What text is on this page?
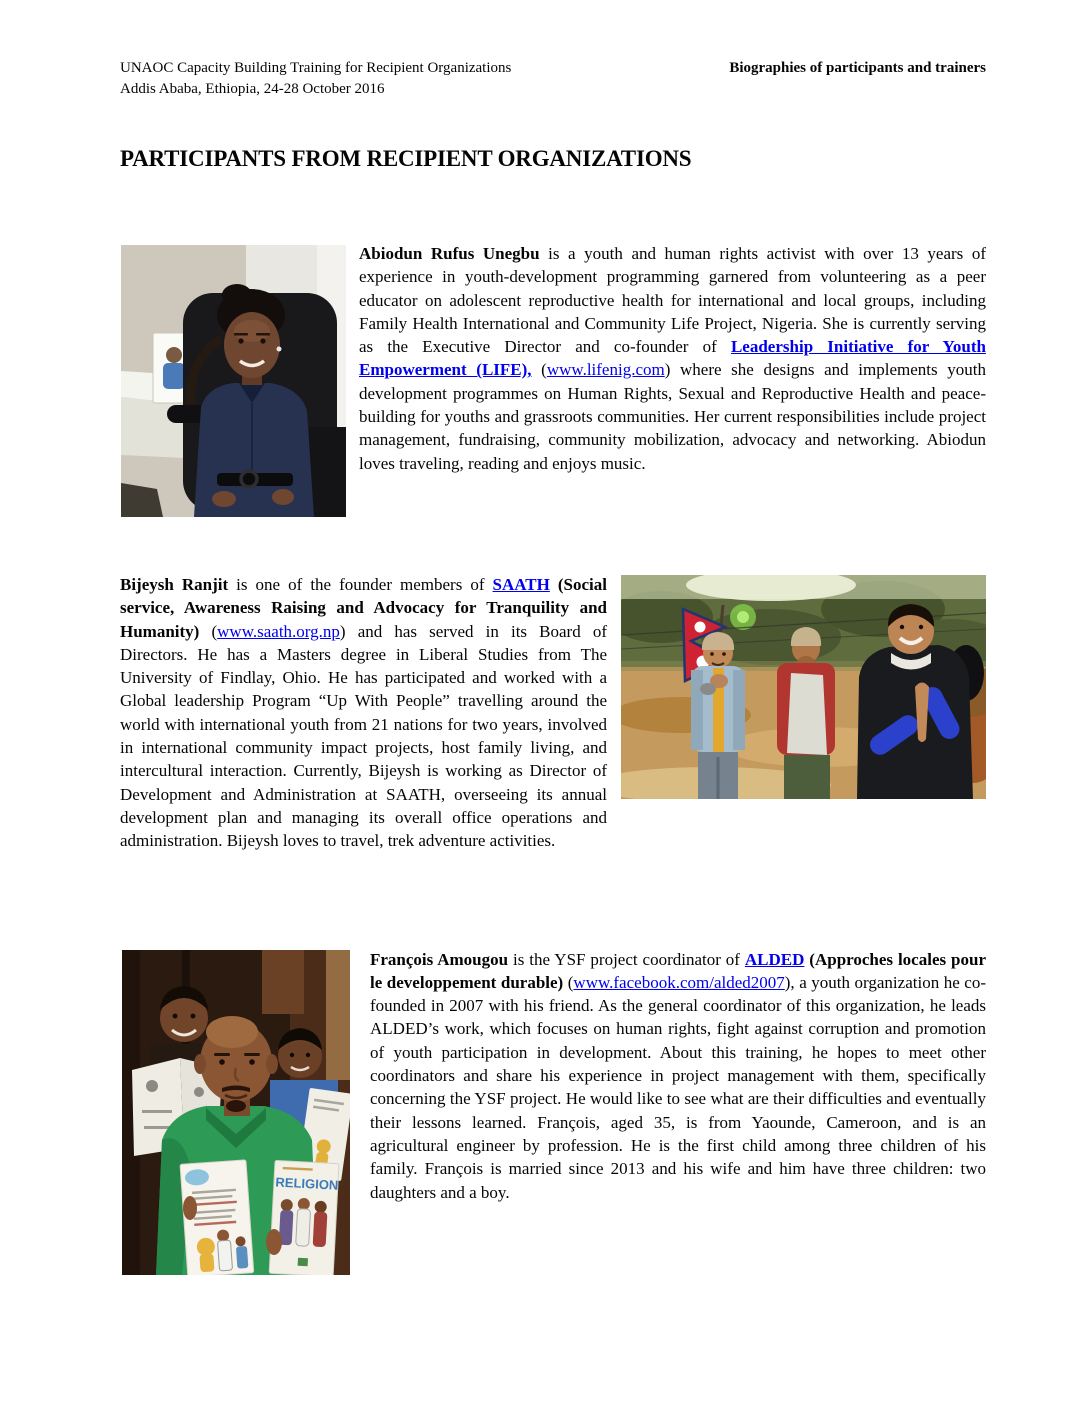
UNAOC Capacity Building Training for Recipient Organizations
Addis Ababa, Ethiopia, 24-28 October 2016
Biographies of participants and trainers
PARTICIPANTS FROM RECIPIENT ORGANIZATIONS

Abiodun Rufus Unegbu is a youth and human rights activist with over 13 years of experience in youth-development programming garnered from volunteering as a peer educator on adolescent reproductive health for international and local groups, including Family Health International and Community Life Project, Nigeria. She is currently serving as the Executive Director and co-founder of Leadership Initiative for Youth Empowerment (LIFE), (www.lifenig.com) where she designs and implements youth development programmes on Human Rights, Sexual and Reproductive Health and peace-building for youths and grassroots communities. Her current responsibilities include project management, fundraising, community mobilization, advocacy and networking. Abiodun loves traveling, reading and enjoys music.

Bijeysh Ranjit is one of the founder members of SAATH (Social service, Awareness Raising and Advocacy for Tranquility and Humanity) (www.saath.org.np) and has served in its Board of Directors. He has a Masters degree in Liberal Studies from The University of Findlay, Ohio. He has participated and worked with a Global leadership Program “Up With People” travelling around the world with international youth from 21 nations for two years, involved in international community impact projects, host family living, and intercultural interaction. Currently, Bijeysh is working as Director of Development and Administration at SAATH, overseeing its annual development plan and managing its overall office operations and administration. Bijeysh loves to travel, trek adventure activities.

RELIGION

François Amougou is the YSF project coordinator of ALDED (Approches locales pour le developpement durable) (www.facebook.com/alded2007), a youth organization he co-founded in 2007 with his friend. As the general coordinator of this organization, he leads ALDED’s work, which focuses on human rights, fight against corruption and promotion of youth participation in development. About this training, he hopes to meet other coordinators and share his experience in project management with them, specifically concerning the YSF project. He would like to see what are their difficulties and eventually their lessons learned. François, aged 35, is from Yaounde, Cameroon, and is an agricultural engineer by profession. He is the first child among three children of his family. François is married since 2013 and his wife and him have three children: two daughters and a boy.
